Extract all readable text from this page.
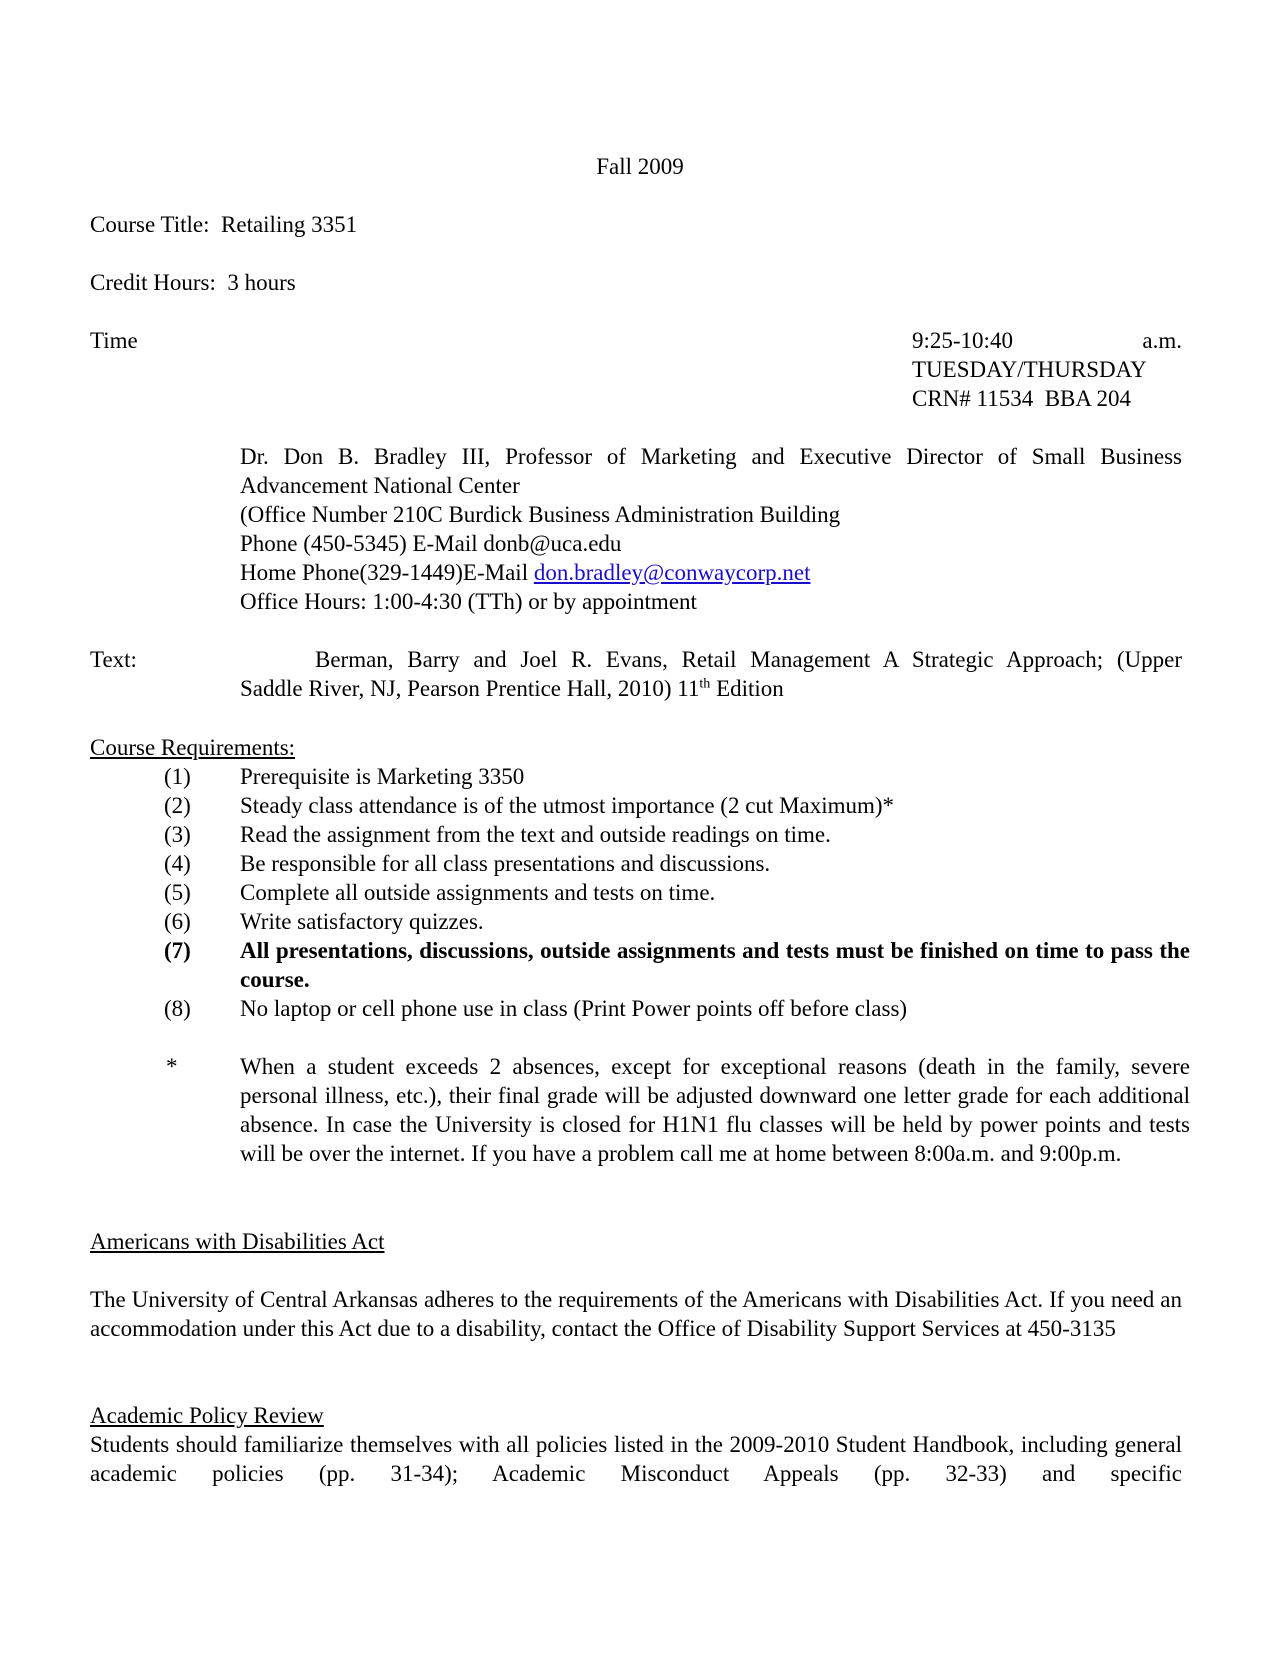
Fall 2009

Course Title: Retailing 3351

Credit Hours: 3 hours

Time	9:25-10:40	a.m.
TUESDAY/THURSDAY
CRN# 11534
BBA 204

Dr. Don B. Bradley III, Professor of Marketing and Executive Director of Small Business Advancement National Center

(Office Number 210C Burdick Business Administration Building

Phone (450-5345) E-Mail donb@uca.edu

Home Phone(329-1449)E-Mail don.bradley@conwaycorp.net

Office Hours: 1:00-4:30 (TTh) or by appointment

Text:	Berman, Barry and Joel R. Evans, Retail Management A Strategic Approach; (Upper

Saddle River, NJ, Pearson Prentice Hall, 2010) 11th Edition

Course Requirements:

(1) Prerequisite is Marketing 3350
(2) Steady class attendance is of the utmost importance (2 cut Maximum)*
(3) Read the assignment from the text and outside readings on time.
(4) Be responsible for all class presentations and discussions.
(5) Complete all outside assignments and tests on time.
(6) Write satisfactory quizzes.
(7) All presentations, discussions, outside assignments and tests must be finished on time to pass the course.
(8) No laptop or cell phone use in class (Print Power points off before class)
*	When a student exceeds 2 absences, except for exceptional reasons (death in the family, severe personal illness, etc.), their final grade will be adjusted downward one letter grade for each additional absence. In case the University is closed for H1N1 flu classes will be held by power points and tests will be over the internet. If you have a problem call me at home between 8:00a.m. and 9:00p.m.

Americans with Disabilities Act

The University of Central Arkansas adheres to the requirements of the Americans with Disabilities Act. If you need an accommodation under this Act due to a disability, contact the Office of Disability Support Services at 450-3135

Academic Policy Review

Students should familiarize themselves with all policies listed in the 2009-2010 Student Handbook, including general academic policies (pp. 31-34); Academic Misconduct Appeals (pp. 32-33) and specific
